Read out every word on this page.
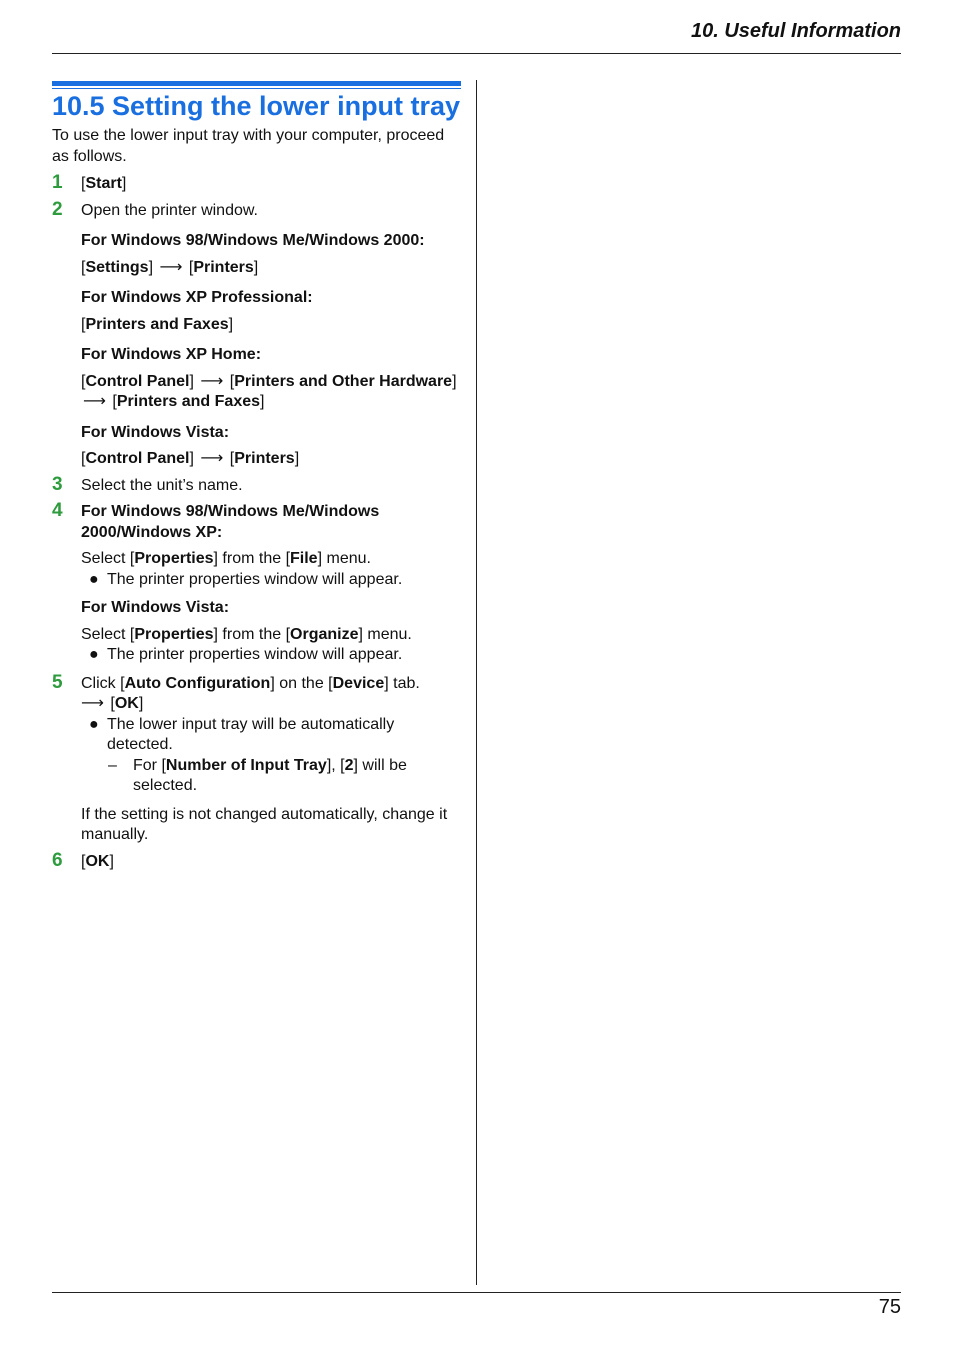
10. Useful Information
10.5 Setting the lower input tray

To use the lower input tray with your computer, proceed as follows.

1 [ Start ]

2 Open the printer window.

For Windows 98/Windows Me/Windows 2000:

[ Settings ] ⟶ [ Printers ]

For Windows XP Professional:

[ Printers and Faxes ]

For Windows XP Home:

[ Control Panel ] ⟶ [ Printers and Other Hardware ] ⟶ [ Printers and Faxes ]

For Windows Vista:

[ Control Panel ] ⟶ [ Printers ]

3 Select the unit’s name.

4 For Windows 98/Windows Me/Windows 2000/Windows XP:

Select [ Properties ] from the [ File ] menu.

● The printer properties window will appear.

For Windows Vista:

Select [ Properties ] from the [ Organize ] menu.

● The printer properties window will appear.

5 Click [ Auto Configuration ] on the [ Device ] tab.
⟶ [ OK ]

● The lower input tray will be automatically detected.

– For [ Number of Input Tray ] , [ 2 ] will be selected.

If the setting is not changed automatically, change it manually.

6 [ OK ]

75
